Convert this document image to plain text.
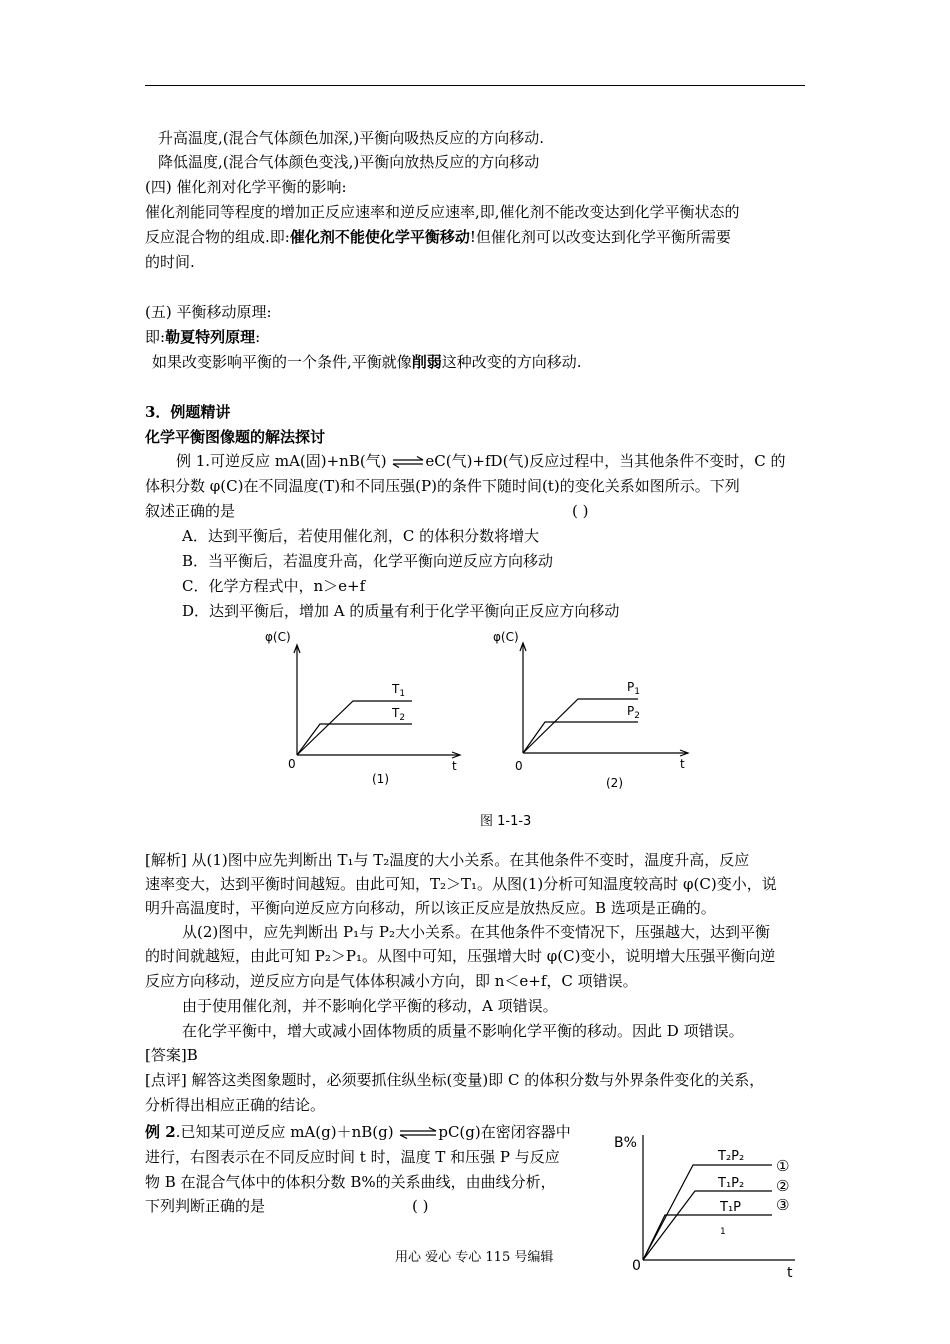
升高温度,(混合气体颜色加深,)平衡向吸热反应的方向移动.
降低温度,(混合气体颜色变浅,)平衡向放热反应的方向移动
(四) 催化剂对化学平衡的影响:
催化剂能同等程度的增加正反应速率和逆反应速率,即,催化剂不能改变达到化学平衡状态的
反应混合物的组成.即:催化剂不能使化学平衡移动!但催化剂可以改变达到化学平衡所需要
的时间.
(五) 平衡移动原理:
即:勒夏特列原理:
如果改变影响平衡的一个条件,平衡就像削弱这种改变的方向移动.
3．例题精讲
化学平衡图像题的解法探讨
例 1.可逆反应 mA(固)+nB(气) ⇌eC(气)+fD(气)反应过程中，当其他条件不变时，C 的
体积分数 φ(C)在不同温度(T)和不同压强(P)的条件下随时间(t)的变化关系如图所示。下列
叙述正确的是	( )
A．达到平衡后，若使用催化剂，C 的体积分数将增大
B．当平衡后，若温度升高，化学平衡向逆反应方向移动
C．化学方程式中，n＞e+f
D．达到平衡后，增加 A 的质量有利于化学平衡向正反应方向移动
φ(C)
0	t
$T_1$
$T_2$
(1)
φ(C)
0	t
$P_1$
$P_2$
(2)
图 1-1-3
[解析] 从(1)图中应先判断出 T₁与 T₂温度的大小关系。在其他条件不变时，温度升高，反应
速率变大，达到平衡时间越短。由此可知，T₂＞T₁。从图(1)分析可知温度较高时 φ(C)变小，说
明升高温度时，平衡向逆反应方向移动，所以该正反应是放热反应。B 选项是正确的。
从(2)图中，应先判断出 P₁与 P₂大小关系。在其他条件不变情况下，压强越大，达到平衡
的时间就越短，由此可知 P₂＞P₁。从图中可知，压强增大时 φ(C)变小，说明增大压强平衡向逆
反应方向移动，逆反应方向是气体体积减小方向，即 n＜e+f，C 项错误。
由于使用催化剂，并不影响化学平衡的移动，A 项错误。
在化学平衡中，增大或减小固体物质的质量不影响化学平衡的移动。因此 D 项错误。
[答案]B
[点评] 解答这类图象题时，必须要抓住纵坐标(变量)即 C 的体积分数与外界条件变化的关系，
分析得出相应正确的结论。
例 2.已知某可逆反应 mA(g)＋nB(g) ⇌pC(g)在密闭容器中
进行，右图表示在不同反应时间 t 时，温度 T 和压强 P 与反应
物 B 在混合气体中的体积分数 B%的关系曲线，由曲线分析，
下列判断正确的是	( )
B%
0	t
T₂P₂
T₁P₂
T₁P
1
①
②
③
用心 爱心 专心 115 号编辑
